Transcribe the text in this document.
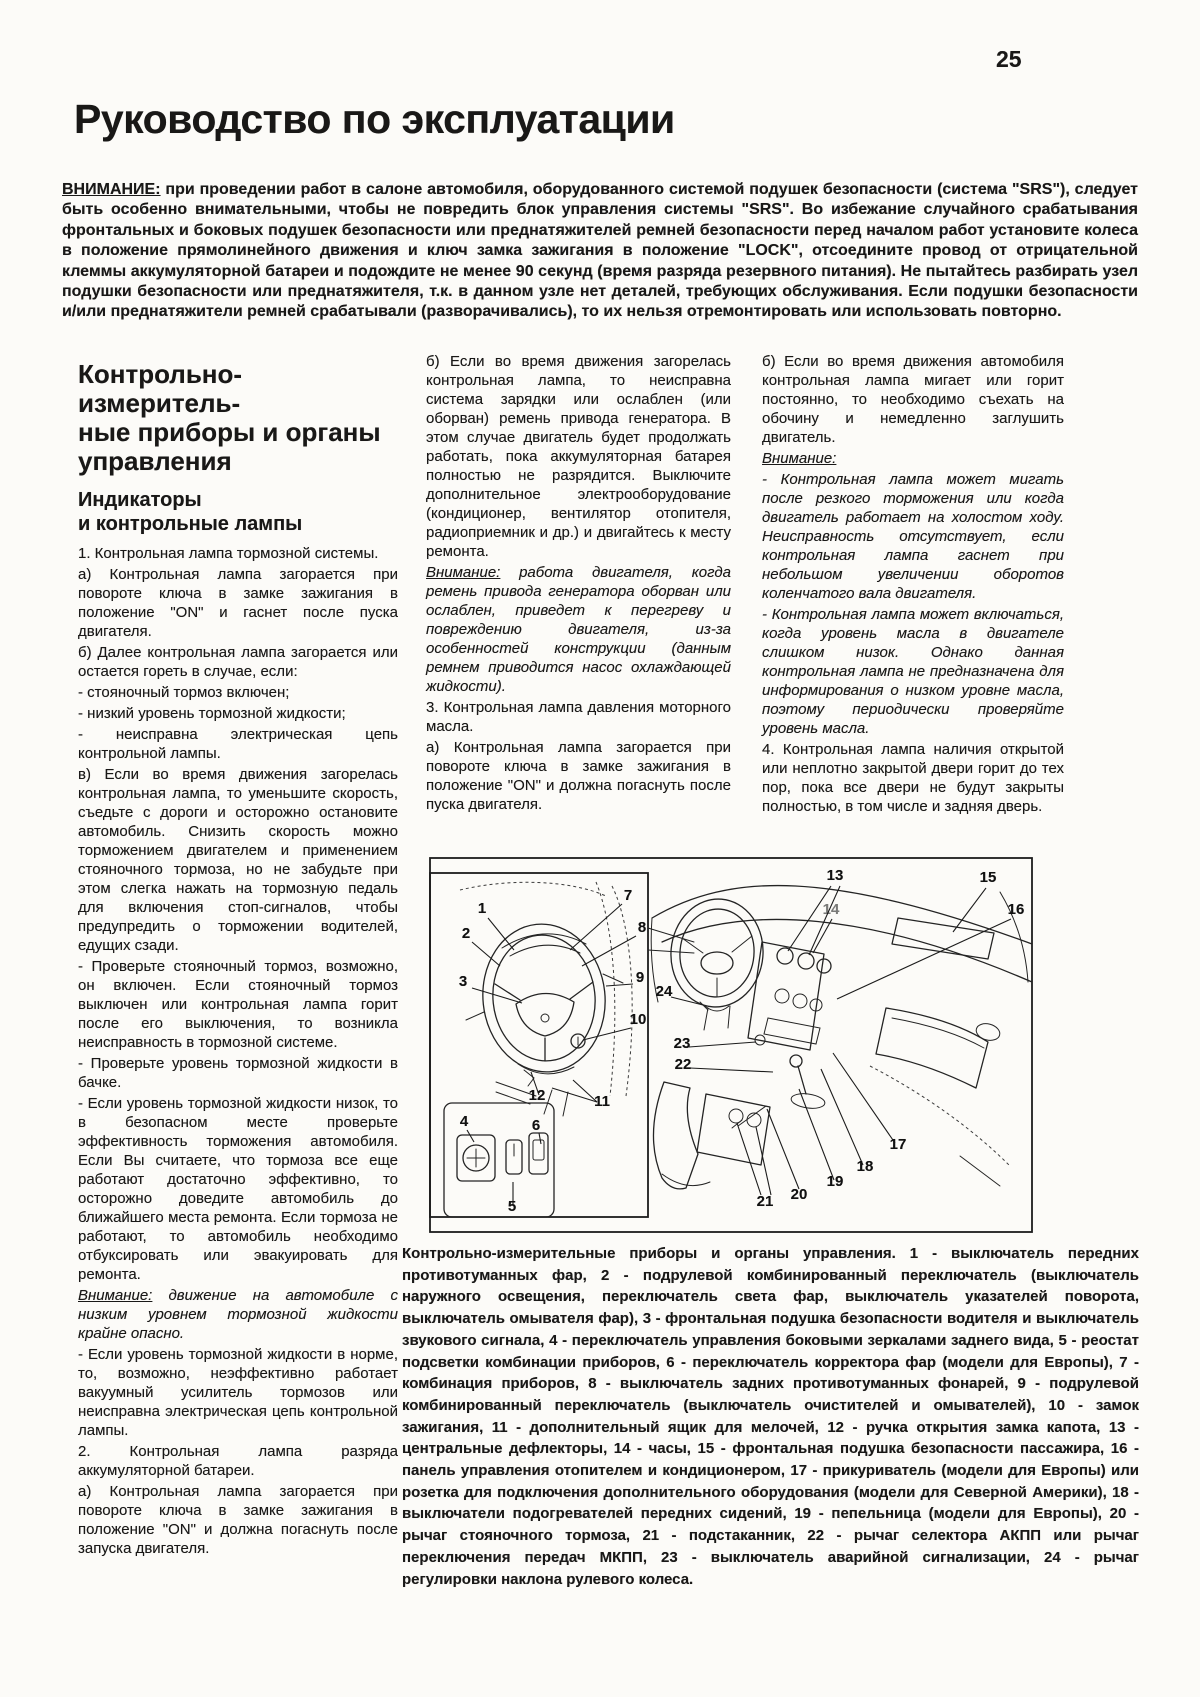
25
Руководство по эксплуатации

ВНИМАНИЕ: при проведении работ в салоне автомобиля, оборудованного системой подушек безопасности (система "SRS"), следует быть особенно внимательными, чтобы не повредить блок управления системы "SRS". Во избежание случайного срабатывания фронтальных и боковых подушек безопасности или преднатяжителей ремней безопасности перед началом работ установите колеса в положение прямолинейного движения и ключ замка зажигания в положение "LOCK", отсоедините провод от отрицательной клеммы аккумуляторной батареи и подождите не менее 90 секунд (время разряда резервного питания). Не пытайтесь разбирать узел подушки безопасности или преднатяжителя, т.к. в данном узле нет деталей, требующих обслуживания. Если подушки безопасности и/или преднатяжители ремней срабатывали (разворачивались), то их нельзя отремонтировать или использовать повторно.

Контрольно-измеритель-
ные приборы и органы
управления
Индикаторы
и контрольные лампы

1. Контрольная лампа тормозной системы.

а) Контрольная лампа загорается при повороте ключа в замке зажигания в положение "ON" и гаснет после пуска двигателя.

б) Далее контрольная лампа загорается или остается гореть в случае, если:

- стояночный тормоз включен;

- низкий уровень тормозной жидкости;

- неисправна электрическая цепь контрольной лампы.

в) Если во время движения загорелась контрольная лампа, то уменьшите скорость, съедьте с дороги и осторожно остановите автомобиль. Снизить скорость можно торможением двигателем и применением стояночного тормоза, но не забудьте при этом слегка нажать на тормозную педаль для включения стоп-сигналов, чтобы предупредить о торможении водителей, едущих сзади.

- Проверьте стояночный тормоз, возможно, он включен. Если стояночный тормоз выключен или контрольная лампа горит после его выключения, то возникла неисправность в тормозной системе.

- Проверьте уровень тормозной жидкости в бачке.

- Если уровень тормозной жидкости низок, то в безопасном месте проверьте эффективность торможения автомобиля. Если Вы считаете, что тормоза все еще работают достаточно эффективно, то осторожно доведите автомобиль до ближайшего места ремонта. Если тормоза не работают, то автомобиль необходимо отбуксировать или эвакуировать для ремонта.

Внимание: движение на автомобиле с низким уровнем тормозной жидкости крайне опасно.

- Если уровень тормозной жидкости в норме, то, возможно, неэффективно работает вакуумный усилитель тормозов или неисправна электрическая цепь контрольной лампы.

2. Контрольная лампа разряда аккумуляторной батареи.

а) Контрольная лампа загорается при повороте ключа в замке зажигания в положение "ON" и должна погаснуть после запуска двигателя.

б) Если во время движения загорелась контрольная лампа, то неисправна система зарядки или ослаблен (или оборван) ремень привода генератора. В этом случае двигатель будет продолжать работать, пока аккумуляторная батарея полностью не разрядится. Выключите дополнительное электрооборудование (кондиционер, вентилятор отопителя, радиоприемник и др.) и двигайтесь к месту ремонта.

Внимание: работа двигателя, когда ремень привода генератора оборван или ослаблен, приведет к перегреву и повреждению двигателя, из-за особенностей конструкции (данным ремнем приводится насос охлаждающей жидкости).

3. Контрольная лампа давления моторного масла.

а) Контрольная лампа загорается при повороте ключа в замке зажигания в положение "ON" и должна погаснуть после пуска двигателя.

б) Если во время движения автомобиля контрольная лампа мигает или горит постоянно, то необходимо съехать на обочину и немедленно заглушить двигатель.

Внимание:

- Контрольная лампа может мигать после резкого торможения или когда двигатель работает на холостом ходу. Неисправность отсутствует, если контрольная лампа гаснет при небольшом увеличении оборотов коленчатого вала двигателя.

- Контрольная лампа может включаться, когда уровень масла в двигателе слишком низок. Однако данная контрольная лампа не предназначена для информирования о низком уровне масла, поэтому периодически проверяйте уровень масла.

4. Контрольная лампа наличия открытой или неплотно закрытой двери горит до тех пор, пока все двери не будут закрыты полностью, в том числе и задняя дверь.

1
2
3
4
5
6
7
8
9
10
11
12
13
14
15
16
17
18
19
20
21
22
23
24

Контрольно-измерительные приборы и органы управления. 1 - выключатель передних противотуманных фар, 2 - подрулевой комбинированный переключатель (выключатель наружного освещения, переключатель света фар, выключатель указателей поворота, выключатель омывателя фар), 3 - фронтальная подушка безопасности водителя и выключатель звукового сигнала, 4 - переключатель управления боковыми зеркалами заднего вида, 5 - реостат подсветки комбинации приборов, 6 - переключатель корректора фар (модели для Европы), 7 - комбинация приборов, 8 - выключатель задних противотуманных фонарей, 9 - подрулевой комбинированный переключатель (выключатель очистителей и омывателей), 10 - замок зажигания, 11 - дополнительный ящик для мелочей, 12 - ручка открытия замка капота, 13 - центральные дефлекторы, 14 - часы, 15 - фронтальная подушка безопасности пассажира, 16 - панель управления отопителем и кондиционером, 17 - прикуриватель (модели для Европы) или розетка для подключения дополнительного оборудования (модели для Северной Америки), 18 - выключатели подогревателей передних сидений, 19 - пепельница (модели для Европы), 20 - рычаг стояночного тормоза, 21 - подстаканник, 22 - рычаг селектора АКПП или рычаг переключения передач МКПП, 23 - выключатель аварийной сигнализации, 24 - рычаг регулировки наклона рулевого колеса.
